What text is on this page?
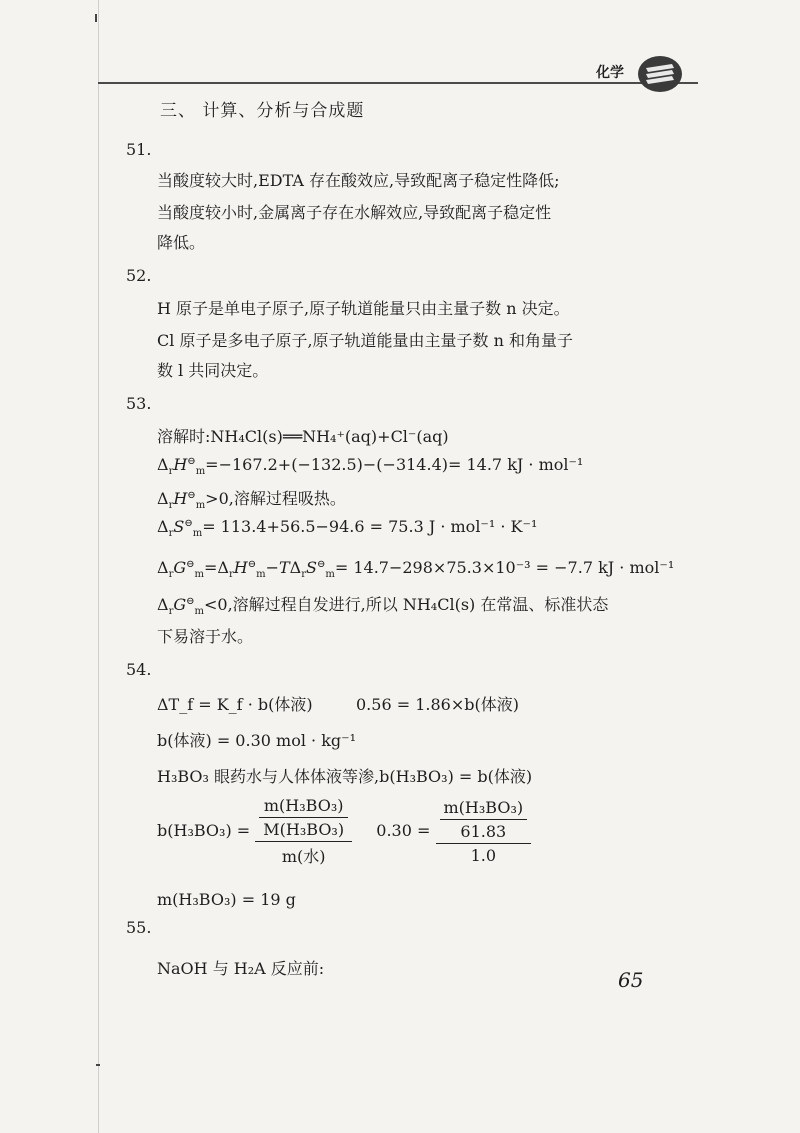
化学
三、 计算、分析与合成题
51.
当酸度较大时,EDTA 存在酸效应,导致配离子稳定性降低;
当酸度较小时,金属离子存在水解效应,导致配离子稳定性
降低。
52.
H 原子是单电子原子,原子轨道能量只由主量子数 n 决定。
Cl 原子是多电子原子,原子轨道能量由主量子数 n 和角量子
数 l 共同决定。
53.
溶解时:NH₄Cl(s)══NH₄⁺(aq)+Cl⁻(aq)
$\Delta_rH^⊖_m=-167.2+(-132.5)-(-314.4)= 14.7$ kJ · mol⁻¹
$\Delta_rH^⊖_m>0$,溶解过程吸热。
$\Delta_rS^⊖_m= 113.4+56.5-94.6 = 75.3$ J · mol⁻¹ · K⁻¹
$\Delta_rG^⊖_m=\Delta_rH^⊖_m-T\Delta_rS^⊖_m= 14.7-298\times 75.3\times 10^{-3} = -7.7$ kJ · mol⁻¹
$\Delta_rG^⊖_m<0$,溶解过程自发进行,所以 NH₄Cl(s) 在常温、标准状态
下易溶于水。
54.
ΔT_f = K_f · b(体液)	0.56 = 1.86×b(体液)
b(体液) = 0.30 mol · kg⁻¹
H₃BO₃ 眼药水与人体体液等渗,b(H₃BO₃) = b(体液)
$b(H_3BO_3) = \frac{\frac{\text{m(H₃BO₃)}}{\text{M(H₃BO₃)}}}{\text{m(水)}} 0.30 = \frac{\frac{\text{m(H₃BO₃)}}{61.83}}{1.0}$
m(H₃BO₃) = 19 g
55.
NaOH 与 H₂A 反应前:	65
